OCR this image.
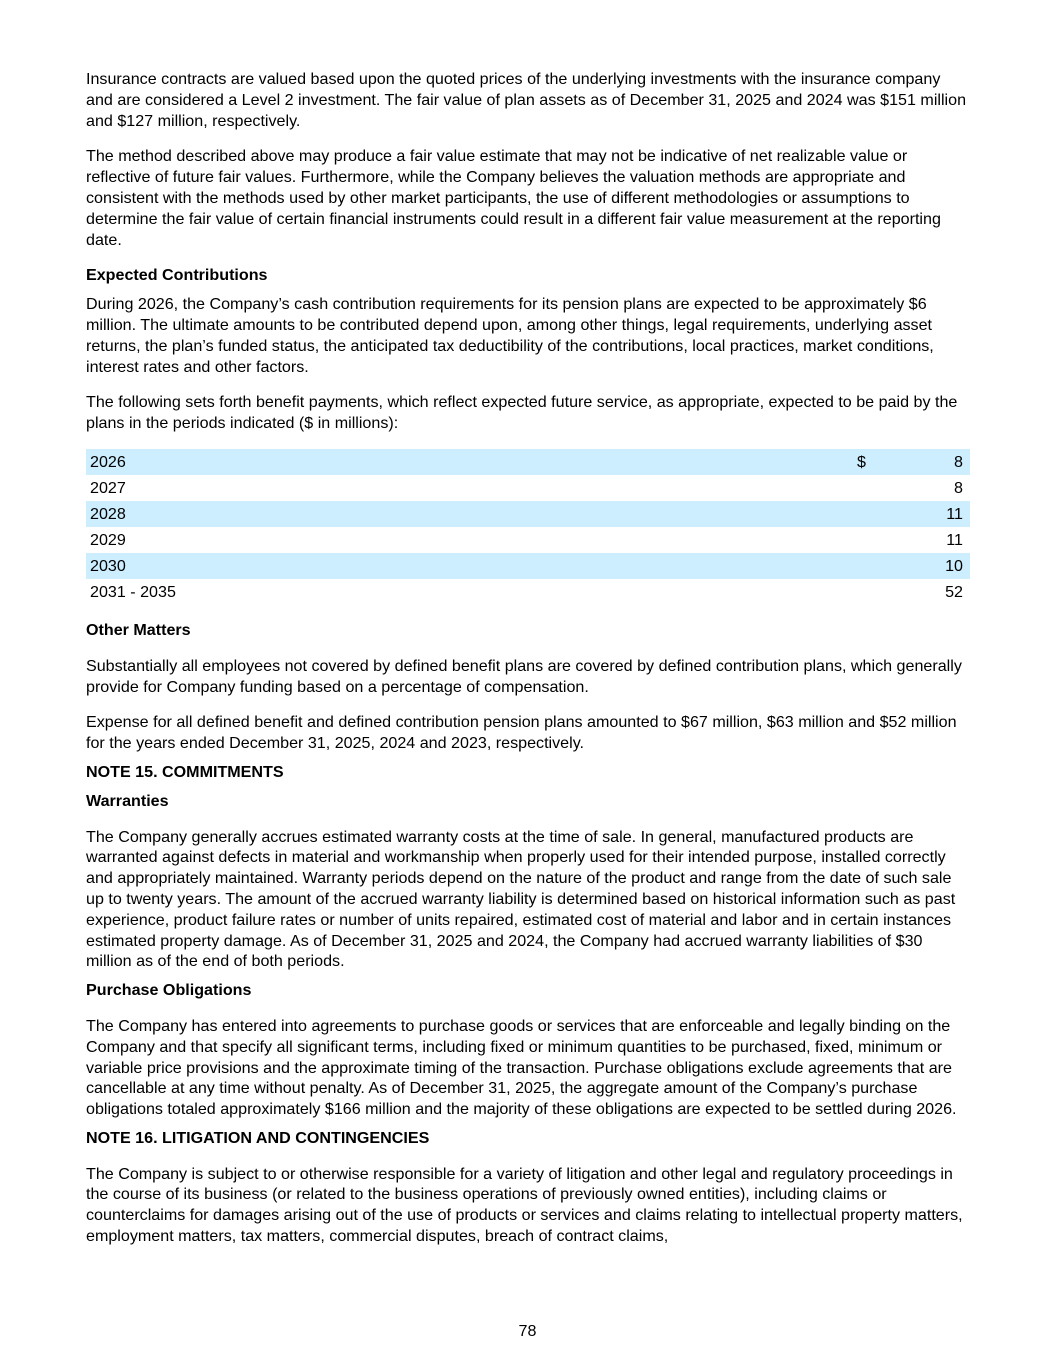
Insurance contracts are valued based upon the quoted prices of the underlying investments with the insurance company and are considered a Level 2 investment. The fair value of plan assets as of December 31, 2025 and 2024 was $151 million and $127 million, respectively.

The method described above may produce a fair value estimate that may not be indicative of net realizable value or reflective of future fair values. Furthermore, while the Company believes the valuation methods are appropriate and consistent with the methods used by other market participants, the use of different methodologies or assumptions to determine the fair value of certain financial instruments could result in a different fair value measurement at the reporting date.

Expected Contributions

During 2026, the Company’s cash contribution requirements for its pension plans are expected to be approximately $6 million. The ultimate amounts to be contributed depend upon, among other things, legal requirements, underlying asset returns, the plan’s funded status, the anticipated tax deductibility of the contributions, local practices, market conditions, interest rates and other factors.

The following sets forth benefit payments, which reflect expected future service, as appropriate, expected to be paid by the plans in the periods indicated ($ in millions):

2026	$	8
2027		8
2028		11
2029		11
2030		10
2031 - 2035		52

Other Matters

Substantially all employees not covered by defined benefit plans are covered by defined contribution plans, which generally provide for Company funding based on a percentage of compensation.

Expense for all defined benefit and defined contribution pension plans amounted to $67 million, $63 million and $52 million for the years ended December 31, 2025, 2024 and 2023, respectively.

NOTE 15. COMMITMENTS

Warranties

The Company generally accrues estimated warranty costs at the time of sale. In general, manufactured products are warranted against defects in material and workmanship when properly used for their intended purpose, installed correctly and appropriately maintained. Warranty periods depend on the nature of the product and range from the date of such sale up to twenty years. The amount of the accrued warranty liability is determined based on historical information such as past experience, product failure rates or number of units repaired, estimated cost of material and labor and in certain instances estimated property damage. As of December 31, 2025 and 2024, the Company had accrued warranty liabilities of $30 million as of the end of both periods.

Purchase Obligations

The Company has entered into agreements to purchase goods or services that are enforceable and legally binding on the Company and that specify all significant terms, including fixed or minimum quantities to be purchased, fixed, minimum or variable price provisions and the approximate timing of the transaction. Purchase obligations exclude agreements that are cancellable at any time without penalty. As of December 31, 2025, the aggregate amount of the Company’s purchase obligations totaled approximately $166 million and the majority of these obligations are expected to be settled during 2026.

NOTE 16. LITIGATION AND CONTINGENCIES

The Company is subject to or otherwise responsible for a variety of litigation and other legal and regulatory proceedings in the course of its business (or related to the business operations of previously owned entities), including claims or counterclaims for damages arising out of the use of products or services and claims relating to intellectual property matters, employment matters, tax matters, commercial disputes, breach of contract claims,

78
